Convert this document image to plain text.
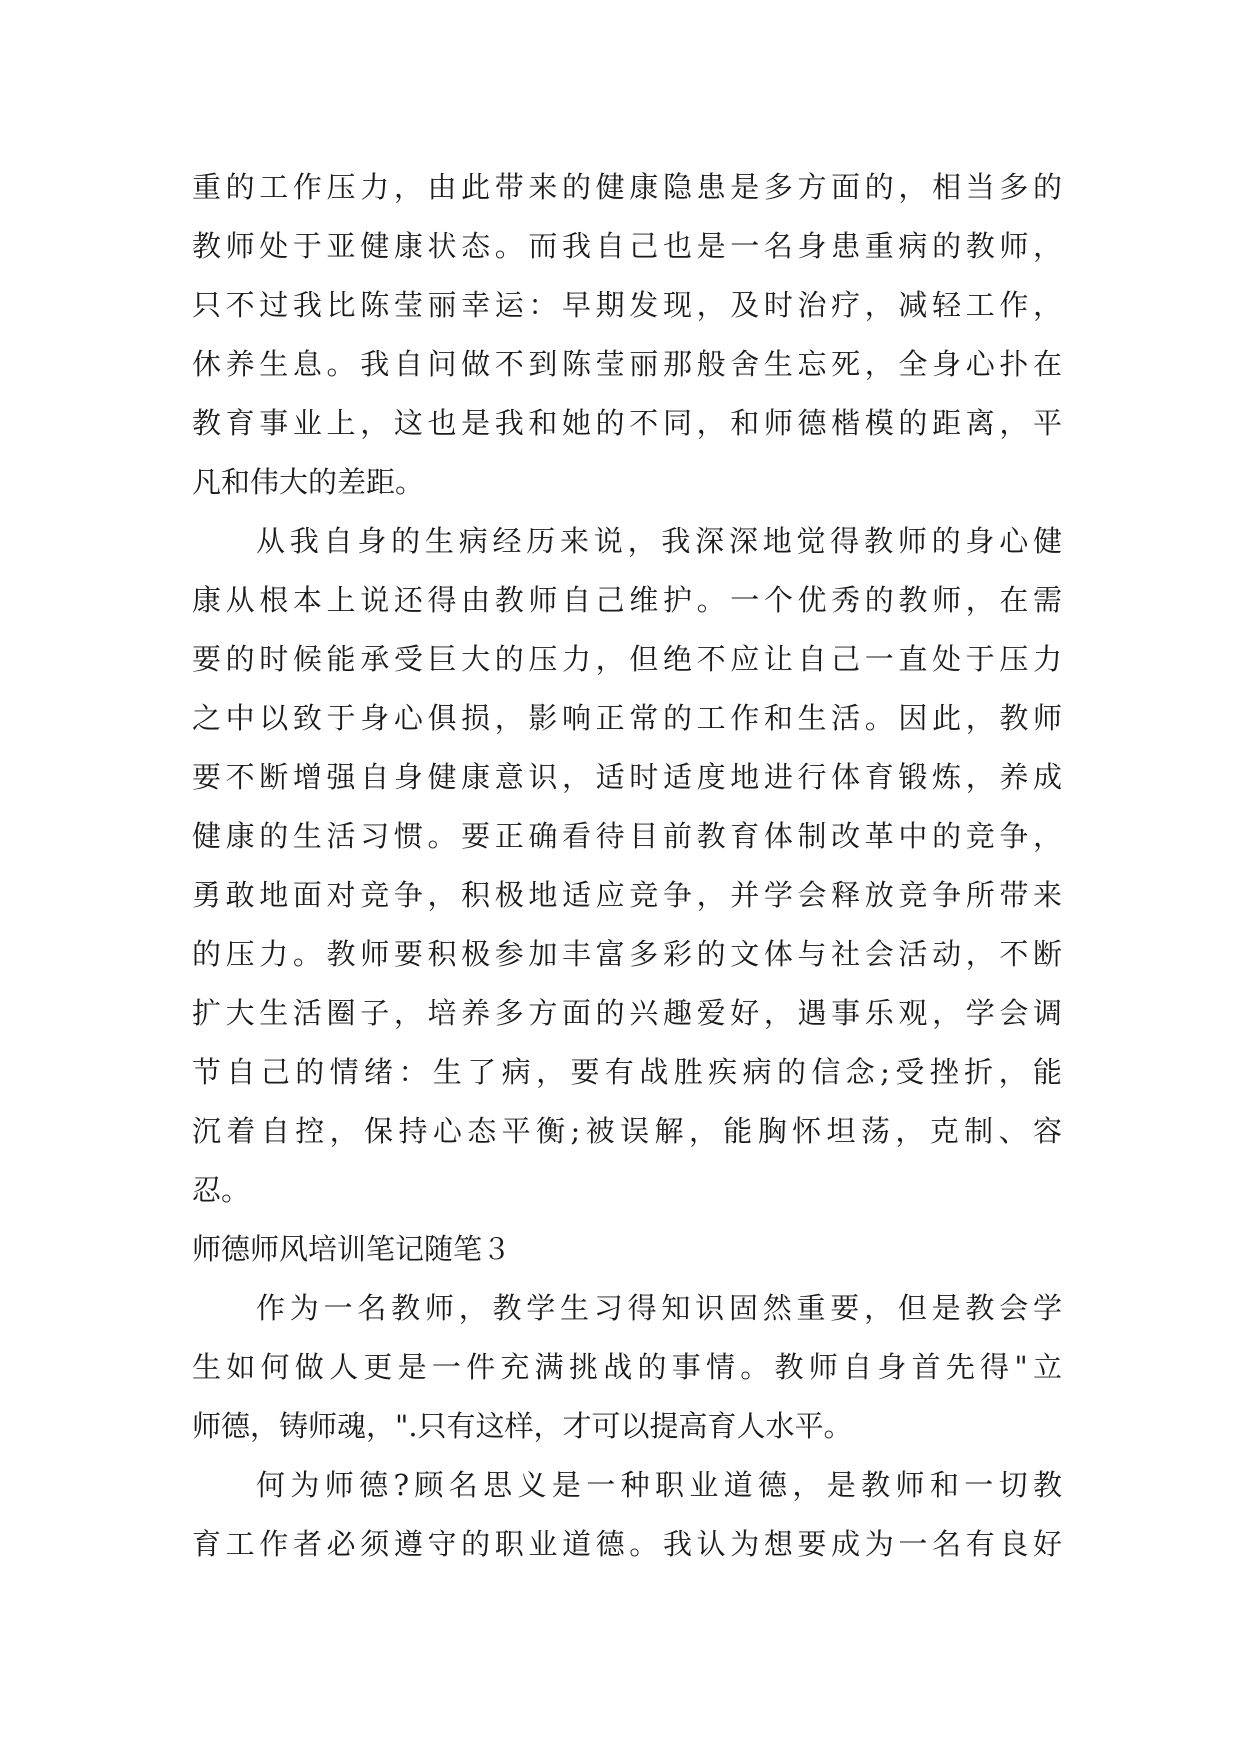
重的工作压力，由此带来的健康隐患是多方面的，相当多的
教师处于亚健康状态。而我自己也是一名身患重病的教师，
只不过我比陈莹丽幸运：早期发现，及时治疗，减轻工作，
休养生息。我自问做不到陈莹丽那般舍生忘死，全身心扑在
教育事业上，这也是我和她的不同，和师德楷模的距离，平
凡和伟大的差距。
从我自身的生病经历来说，我深深地觉得教师的身心健
康从根本上说还得由教师自己维护。一个优秀的教师，在需
要的时候能承受巨大的压力，但绝不应让自己一直处于压力
之中以致于身心俱损，影响正常的工作和生活。因此，教师
要不断增强自身健康意识，适时适度地进行体育锻炼，养成
健康的生活习惯。要正确看待目前教育体制改革中的竞争，
勇敢地面对竞争，积极地适应竞争，并学会释放竞争所带来
的压力。教师要积极参加丰富多彩的文体与社会活动，不断
扩大生活圈子，培养多方面的兴趣爱好，遇事乐观，学会调
节自己的情绪：生了病，要有战胜疾病的信念;受挫折，能
沉着自控，保持心态平衡;被误解，能胸怀坦荡，克制、容
忍。
师德师风培训笔记随笔３
作为一名教师，教学生习得知识固然重要，但是教会学
生如何做人更是一件充满挑战的事情。教师自身首先得"立
师德，铸师魂，".只有这样，才可以提高育人水平。
何为师德?顾名思义是一种职业道德，是教师和一切教
育工作者必须遵守的职业道德。我认为想要成为一名有良好
